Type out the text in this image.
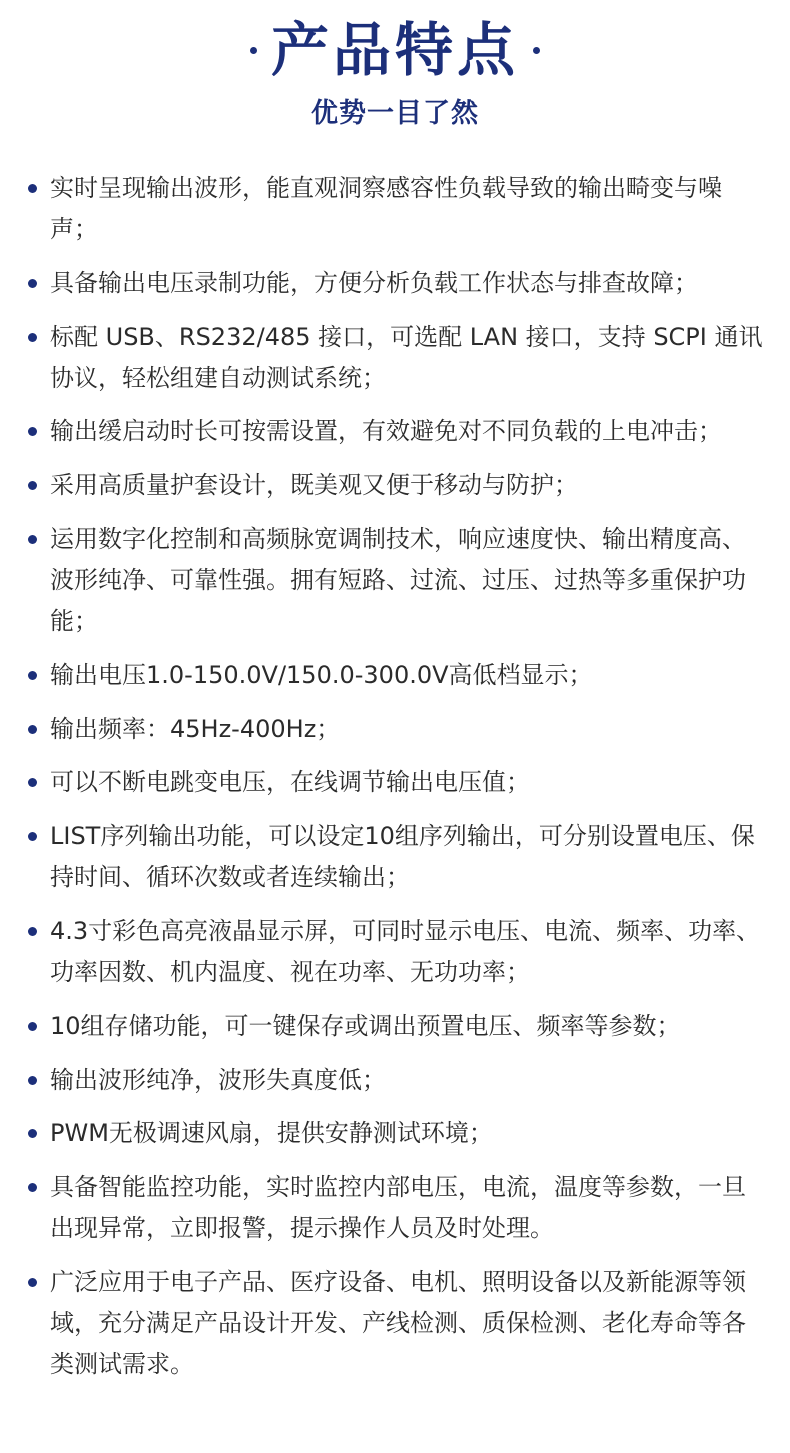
产品特点
优势一目了然
实时呈现输出波形，能直观洞察感容性负载导致的输出畸变与噪声；
具备输出电压录制功能，方便分析负载工作状态与排查故障；
标配 USB、RS232/485 接口，可选配 LAN 接口，支持 SCPI 通讯协议，轻松组建自动测试系统；
输出缓启动时长可按需设置，有效避免对不同负载的上电冲击；
采用高质量护套设计，既美观又便于移动与防护；
运用数字化控制和高频脉宽调制技术，响应速度快、输出精度高、波形纯净、可靠性强。拥有短路、过流、过压、过热等多重保护功能；
输出电压1.0-150.0V/150.0-300.0V高低档显示；
输出频率：45Hz-400Hz；
可以不断电跳变电压，在线调节输出电压值；
LIST序列输出功能，可以设定10组序列输出，可分别设置电压、保持时间、循环次数或者连续输出；
4.3寸彩色高亮液晶显示屏，可同时显示电压、电流、频率、功率、功率因数、机内温度、视在功率、无功功率；
10组存储功能，可一键保存或调出预置电压、频率等参数；
输出波形纯净，波形失真度低；
PWM无极调速风扇，提供安静测试环境；
具备智能监控功能，实时监控内部电压，电流，温度等参数，一旦出现异常，立即报警，提示操作人员及时处理。
广泛应用于电子产品、医疗设备、电机、照明设备以及新能源等领域，充分满足产品设计开发、产线检测、质保检测、老化寿命等各类测试需求。
